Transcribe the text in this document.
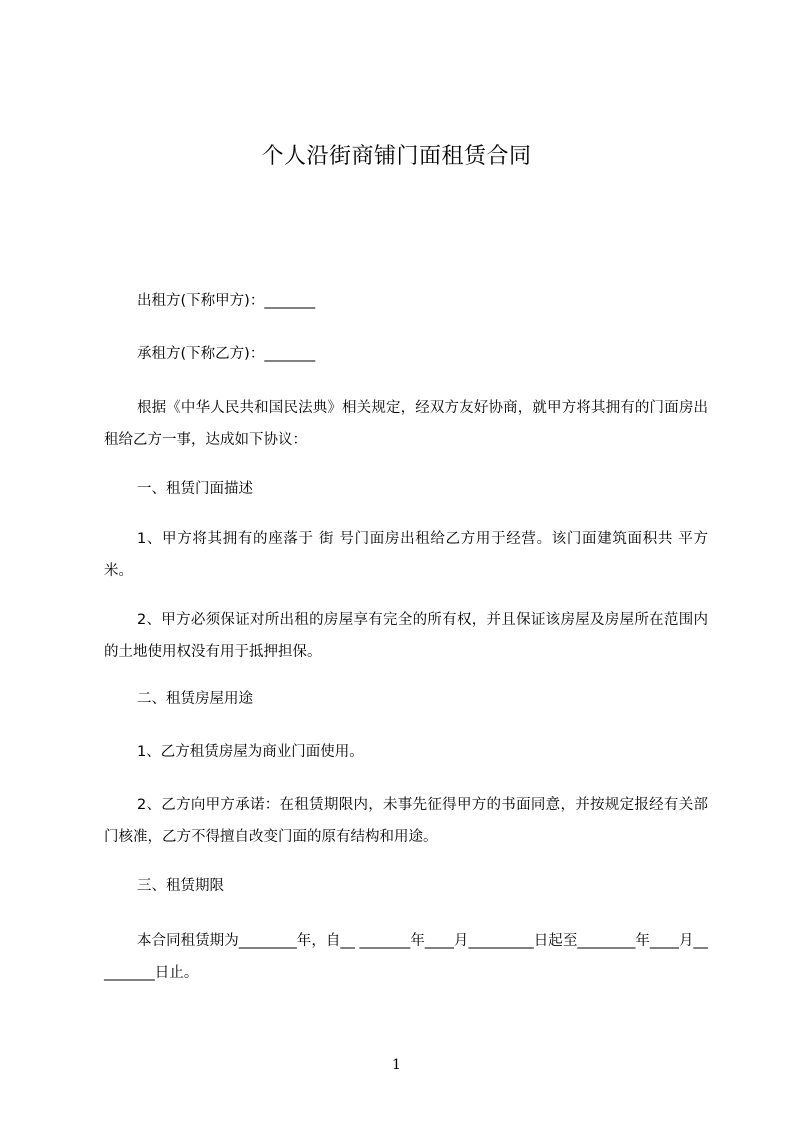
个人沿街商铺门面租赁合同
出租方(下称甲方)：_______
承租方(下称乙方)：_______
根据《中华人民共和国民法典》相关规定，经双方友好协商，就甲方将其拥有的门面房出租给乙方一事，达成如下协议：
一、租赁门面描述
1、甲方将其拥有的座落于 街 号门面房出租给乙方用于经营。该门面建筑面积共 平方米。
2、甲方必须保证对所出租的房屋享有完全的所有权，并且保证该房屋及房屋所在范围内的土地使用权没有用于抵押担保。
二、租赁房屋用途
1、乙方租赁房屋为商业门面使用。
2、乙方向甲方承诺：在租赁期限内，未事先征得甲方的书面同意，并按规定报经有关部门核准，乙方不得擅自改变门面的原有结构和用途。
三、租赁期限
本合同租赁期为________年，自__ _______年____月_________日起至________年____月_________日止。
1
